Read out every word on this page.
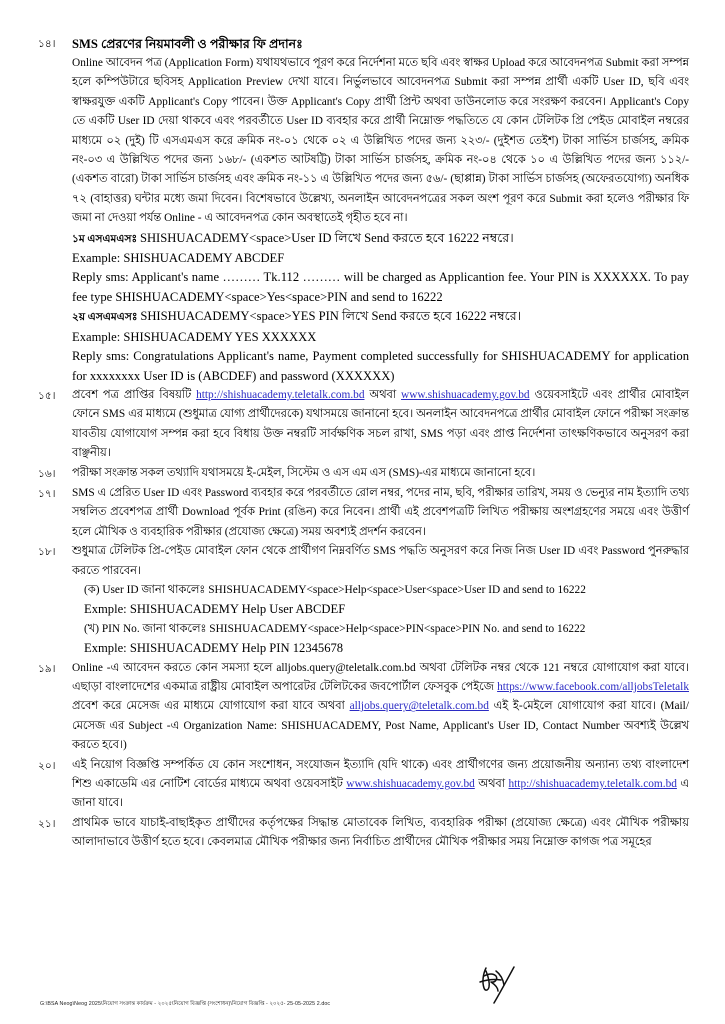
১৪।	SMS প্রেরণের নিয়মাবলী ও পরীক্ষার ফি প্রদানঃ
Online আবেদন পত্র (Application Form) যথাযথভাবে পূরণ করে নির্দেশনা মতে ছবি এবং স্বাক্ষর Upload করে আবেদনপত্র Submit করা সম্পন্ন হলে কম্পিউটারে ছবিসহ Application Preview দেখা যাবে। নির্ভুলভাবে আবেদনপত্র Submit করা সম্পন্ন প্রার্থী একটি User ID, ছবি এবং স্বাক্ষরযুক্ত একটি Applicant's Copy পাবেন। উক্ত Applicant's Copy প্রার্থী প্রিন্ট অথবা ডাউনলোড করে সংরক্ষণ করবেন। Applicant's Copy তে একটি User ID দেয়া থাকবে এবং পরবর্তীতে User ID ব্যবহার করে প্রার্থী নিম্নোক্ত পদ্ধতিতে যে কোন টেলিটক প্রি পেইড মোবাইল নম্বরের মাধ্যমে ০২ (দুই) টি এসএমএস করে ক্রমিক নং-০১ থেকে ০২ এ উল্লিখিত পদের জন্য ২২৩/- (দুইশত তেইশ) টাকা সার্ভিস চার্জসহ, ক্রমিক নং-০৩ এ উল্লিখিত পদের জন্য ১৬৮/- (একশত আটষট্টি) টাকা সার্ভিস চার্জসহ, ক্রমিক নং-০৪ থেকে ১০ এ উল্লিখিত পদের জন্য ১১২/- (একশত বারো) টাকা সার্ভিস চার্জসহ এবং ক্রমিক নং-১১ এ উল্লিখিত পদের জন্য ৫৬/- (ছাপ্পান্ন) টাকা সার্ভিস চার্জসহ (অফেরতযোগ্য) অনধিক ৭২ (বাহাত্তর) ঘন্টার মধ্যে জমা দিবেন। বিশেষভাবে উল্লেখ্য, অনলাইন আবেদনপত্রের সকল অংশ পূরণ করে Submit করা হলেও পরীক্ষার ফি জমা না দেওয়া পর্যন্ত Online - এ আবেদনপত্র কোন অবস্থাতেই গৃহীত হবে না।
১ম এসএমএসঃ SHISHUACADEMY<space>User ID লিখে Send করতে হবে 16222 নম্বরে।
Example: SHISHUACADEMY ABCDEF
Reply sms: Applicant's name ……… Tk.112 ……… will be charged as Applicantion fee. Your PIN is XXXXXX. To pay fee type SHISHUACADEMY<space>Yes<space>PIN and send to 16222
২য় এসএমএসঃ SHISHUACADEMY<space>YES PIN লিখে Send করতে হবে 16222 নম্বরে।
Example: SHISHUACADEMY YES XXXXXX
Reply sms: Congratulations Applicant's name, Payment completed successfully for SHISHUACADEMY for application for xxxxxxxx User ID is (ABCDEF) and password (XXXXXX)
১৫।	প্রবেশ পত্র প্রাপ্তির বিষয়টি http://shishuacademy.teletalk.com.bd অথবা www.shishuacademy.gov.bd ওয়েবসাইটে এবং প্রার্থীর মোবাইল ফোনে SMS এর মাধ্যমে (শুধুমাত্র যোগ্য প্রার্থীদেরকে) যথাসময়ে জানানো হবে। অনলাইন আবেদনপত্রে প্রার্থীর মোবাইল ফোনে পরীক্ষা সংক্রান্ত যাবতীয় যোগাযোগ সম্পন্ন করা হবে বিধায় উক্ত নম্বরটি সার্বক্ষণিক সচল রাখা, SMS পড়া এবং প্রাপ্ত নির্দেশনা তাৎক্ষণিকভাবে অনুসরণ করা বাঞ্ছনীয়।
১৬।	পরীক্ষা সংক্রান্ত সকল তথ্যাদি যথাসময়ে ই-মেইল, সিস্টেম ও এস এম এস (SMS)-এর মাধ্যমে জানানো হবে।
১৭।	SMS এ প্রেরিত User ID এবং Password ব্যবহার করে পরবর্তীতে রোল নম্বর, পদের নাম, ছবি, পরীক্ষার তারিখ, সময় ও ভেন্যুর নাম ইত্যাদি তথ্য সম্বলিত প্রবেশপত্র প্রার্থী Download পূর্বক Print (রঙিন) করে নিবেন। প্রার্থী এই প্রবেশপত্রটি লিখিত পরীক্ষায় অংশগ্রহণের সময়ে এবং উত্তীর্ণ হলে মৌখিক ও ব্যবহারিক পরীক্ষার (প্রযোজ্য ক্ষেত্রে) সময় অবশ্যই প্রদর্শন করবেন।
১৮।	শুধুমাত্র টেলিটক প্রি-পেইড মোবাইল ফোন থেকে প্রার্থীগণ নিম্নবর্ণিত SMS পদ্ধতি অনুসরণ করে নিজ নিজ User ID এবং Password পুনরুদ্ধার করতে পারবেন।
(ক) User ID জানা থাকলেঃ SHISHUACADEMY<space>Help<space>User<space>User ID and send to 16222
Exmple: SHISHUACADEMY Help User ABCDEF
(খ) PIN No. জানা থাকলেঃ SHISHUACADEMY<space>Help<space>PIN<space>PIN No. and send to 16222
Exmple: SHISHUACADEMY Help PIN 12345678
১৯।	Online -এ আবেদন করতে কোন সমস্যা হলে alljobs.query@teletalk.com.bd অথবা টেলিটক নম্বর থেকে 121 নম্বরে যোগাযোগ করা যাবে। এছাড়া বাংলাদেশের একমাত্র রাষ্ট্রীয় মোবাইল অপারেটর টেলিটকের জবপোর্টাল ফেসবুক পেইজে https://www.facebook.com/alljobsTeletalk প্রবেশ করে মেসেজ এর মাধ্যমে যোগাযোগ করা যাবে অথবা alljobs.query@teletalk.com.bd এই ই-মেইলে যোগাযোগ করা যাবে। (Mail/মেসেজ এর Subject -এ Organization Name: SHISHUACADEMY, Post Name, Applicant's User ID, Contact Number অবশ্যই উল্লেখ করতে হবে।)
২০।	এই নিয়োগ বিজ্ঞপ্তি সম্পর্কিত যে কোন সংশোধন, সংযোজন ইত্যাদি (যদি থাকে) এবং প্রার্থীগণের জন্য প্রয়োজনীয় অন্যান্য তথ্য বাংলাদেশ শিশু একাডেমি এর নোটিশ বোর্ডের মাধ্যমে অথবা ওয়েবসাইট www.shishuacademy.gov.bd অথবা http://shishuacademy.teletalk.com.bd এ জানা যাবে।
২১।	প্রাথমিক ভাবে যাচাই-বাছাইকৃত প্রার্থীদের কর্তৃপক্ষের সিদ্ধান্ত মোতাবেক লিখিত, ব্যবহারিক পরীক্ষা (প্রযোজ্য ক্ষেত্রে) এবং মৌখিক পরীক্ষায় আলাদাভাবে উত্তীর্ণ হতে হবে। কেবলমাত্র মৌখিক পরীক্ষার জন্য নির্বাচিত প্রার্থীদের মৌখিক পরীক্ষার সময় নিম্নোক্ত কাগজ পত্র সমূহের
G:\BSA Neog\Neog 2025\নিয়োগ সংক্রান্ত কার্যক্রম - ২০২৫\নিয়োগ বিজ্ঞপ্তি (সংশোধন)\নিয়োগ বিজ্ঞপ্তি - ২০২৫- 25-05-2025 2.doc
